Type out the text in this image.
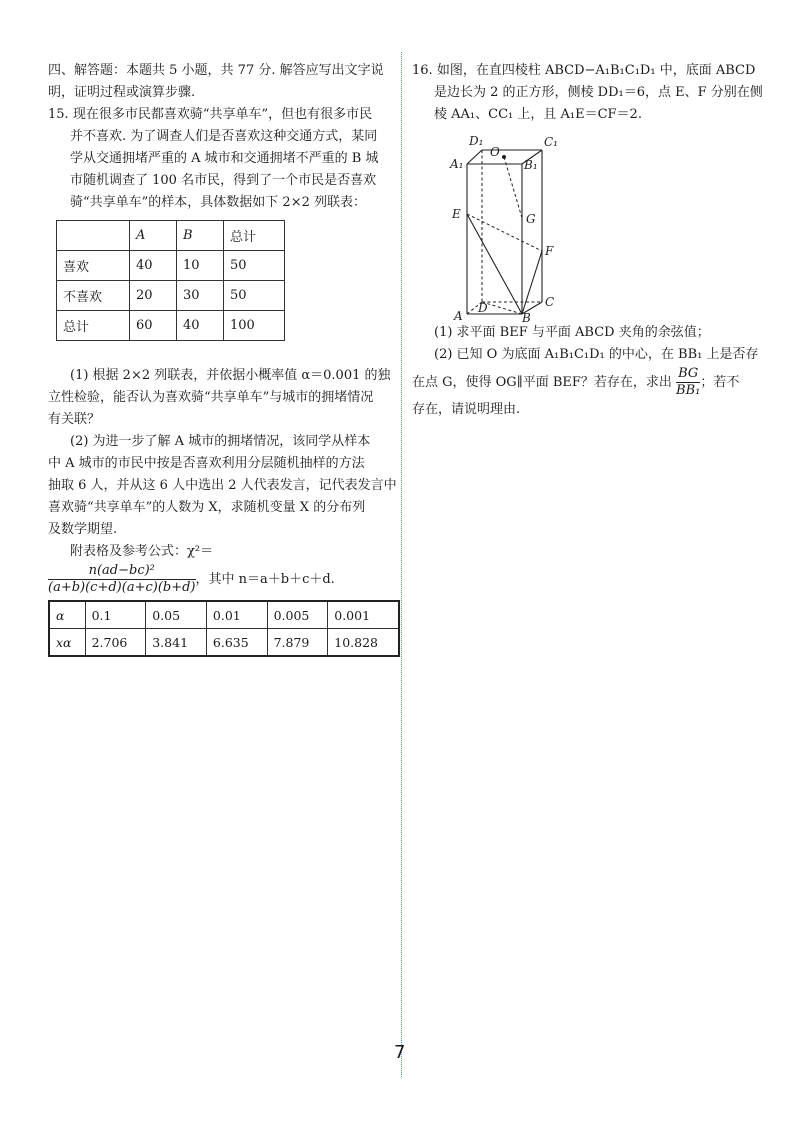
四、解答题：本题共 5 小题，共 77 分. 解答应写出文字说
明，证明过程或演算步骤.
15. 现在很多市民都喜欢骑“共享单车”，但也有很多市民
并不喜欢. 为了调查人们是否喜欢这种交通方式，某同
学从交通拥堵严重的 A 城市和交通拥堵不严重的 B 城
市随机调查了 100 名市民，得到了一个市民是否喜欢
骑“共享单车”的样本，具体数据如下 2×2 列联表：
	A	B	总计
喜欢	40	10	50
不喜欢	20	30	50
总计	60	40	100
(1) 根据 2×2 列联表，并依据小概率值 α＝0.001 的独
立性检验，能否认为喜欢骑“共享单车”与城市的拥堵情况
有关联？
(2) 为进一步了解 A 城市的拥堵情况，该同学从样本
中 A 城市的市民中按是否喜欢利用分层随机抽样的方法
抽取 6 人，并从这 6 人中选出 2 人代表发言，记代表发言中
喜欢骑“共享单车”的人数为 X，求随机变量 X 的分布列
及数学期望.
附表格及参考公式：χ²＝
$\frac{\text{n(ad−bc)²}}{(a+b)(c+d)(a+c)(b+d)}$ ，其中 n＝a＋b＋c＋d.
α	0.1	0.05	0.01	0.005	0.001
xα	2.706	3.841	6.635	7.879	10.828
16. 如图，在直四棱柱 ABCD−A₁B₁C₁D₁ 中，底面 ABCD
是边长为 2 的正方形，侧棱 DD₁＝6，点 E、F 分别在侧
棱 AA₁、CC₁ 上，且 A₁E＝CF＝2.
D₁	C₁
A₁	B₁
O
E	G
F
A
D
B
C
(1) 求平面 BEF 与平面 ABCD 夹角的余弦值；
(2) 已知 O 为底面 A₁B₁C₁D₁ 的中心，在 BB₁ 上是否存
在点 G，使得 OG∥平面 BEF？若存在，求出 $\frac{BG}{\text{BB₁}}$ ；若不
存在，请说明理由.
7
